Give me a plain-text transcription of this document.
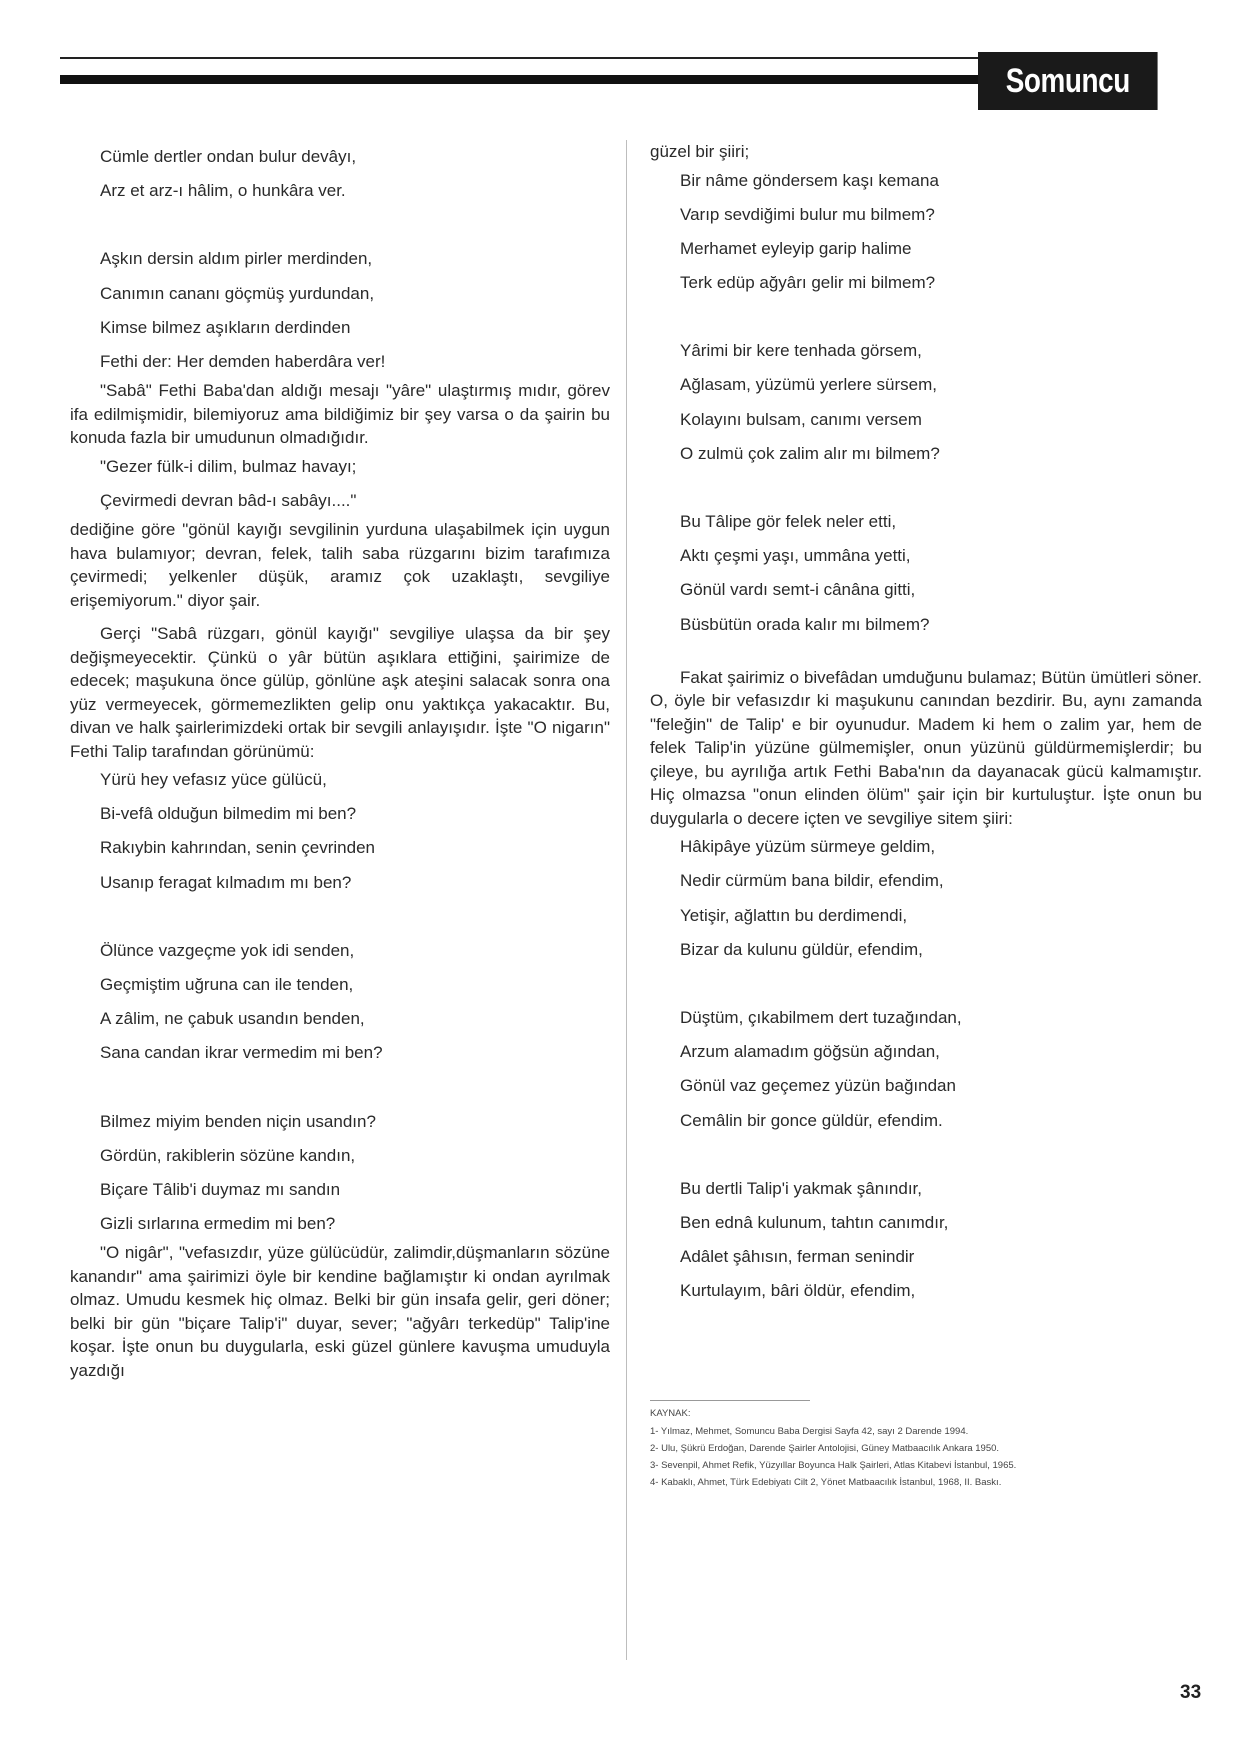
Somuncu Baba
Cümle dertler ondan bulur devâyı,
Arz et arz-ı hâlim, o hunkâra ver.
Aşkın dersin aldım pirler merdinden,
Canımın cananı göçmüş yurdundan,
Kimse bilmez aşıkların derdinden
Fethi der: Her demden haberdâra ver!

"Sabâ" Fethi Baba'dan aldığı mesajı "yâre" ulaştırmış mıdır, görev ifa edilmişmidir, bilemiyoruz ama bildiğimiz bir şey varsa o da şairin bu konuda fazla bir umudunun olmadığıdır.

"Gezer fülk-i dilim, bulmaz havayı;
Çevirmedi devran bâd-ı sabâyı...."

dediğine göre "gönül kayığı sevgilinin yurduna ulaşabilmek için uygun hava bulamıyor; devran, felek, talih saba rüzgarını bizim tarafımıza çevirmedi; yelkenler düşük, aramız çok uzaklaştı, sevgiliye erişemiyorum." diyor şair.

Gerçi "Sabâ rüzgarı, gönül kayığı" sevgiliye ulaşsa da bir şey değişmeyecektir. Çünkü o yâr bütün aşıklara ettiğini, şairimize de edecek; maşukuna önce gülüp, gönlüne aşk ateşini salacak sonra ona yüz vermeyecek, görmemezlikten gelip onu yaktıkça yakacaktır. Bu, divan ve halk şairlerimizdeki ortak bir sevgili anlayışıdır. İşte "O nigarın" Fethi Talip tarafından görünümü:

Yürü hey vefasız yüce gülücü,
Bi-vefâ olduğun bilmedim mi ben?
Rakıybin kahrından, senin çevrinden
Usanıp feragat kılmadım mı ben?
Ölünce vazgeçme yok idi senden,
Geçmiştim uğruna can ile tenden,
A zâlim, ne çabuk usandın benden,
Sana candan ikrar vermedim mi ben?
Bilmez miyim benden niçin usandın?
Gördün, rakiblerin sözüne kandın,
Biçare Tâlib'i duymaz mı sandın
Gizli sırlarına ermedim mi ben?

"O nigâr", "vefasızdır, yüze gülücüdür, zalimdir,düşmanların sözüne kanandır" ama şairimizi öyle bir kendine bağlamıştır ki ondan ayrılmak olmaz. Umudu kesmek hiç olmaz. Belki bir gün insafa gelir, geri döner; belki bir gün "biçare Talip'i" duyar, sever; "ağyârı terkedüp" Talip'ine koşar. İşte onun bu duygularla, eski güzel günlere kavuşma umuduyla yazdığı

güzel bir şiiri;

Bir nâme göndersem kaşı kemana
Varıp sevdiğimi bulur mu bilmem?
Merhamet eyleyip garip halime
Terk edüp ağyârı gelir mi bilmem?
Yârimi bir kere tenhada görsem,
Ağlasam, yüzümü yerlere sürsem,
Kolayını bulsam, canımı versem
O zulmü çok zalim alır mı bilmem?
Bu Tâlipe gör felek neler etti,
Aktı çeşmi yaşı, ummâna yetti,
Gönül vardı semt-i cânâna gitti,
Büsbütün orada kalır mı bilmem?

Fakat şairimiz o bivefâdan umduğunu bulamaz; Bütün ümütleri söner. O, öyle bir vefasızdır ki maşukunu canından bezdirir. Bu, aynı zamanda "feleğin" de Talip' e bir oyunudur. Madem ki hem o zalim yar, hem de felek Talip'in yüzüne gülmemişler, onun yüzünü güldürmemişlerdir; bu çileye, bu ayrılığa artık Fethi Baba'nın da dayanacak gücü kalmamıştır. Hiç olmazsa "onun elinden ölüm" şair için bir kurtuluştur. İşte onun bu duygularla o decere içten ve sevgiliye sitem şiiri:

Hâkipâye yüzüm sürmeye geldim,
Nedir cürmüm bana bildir, efendim,
Yetişir, ağlattın bu derdimendi,
Bizar da kulunu güldür, efendim,
Düştüm, çıkabilmem dert tuzağından,
Arzum alamadım göğsün ağından,
Gönül vaz geçemez yüzün bağından
Cemâlin bir gonce güldür, efendim.
Bu dertli Talip'i yakmak şânındır,
Ben ednâ kulunum, tahtın canımdır,
Adâlet şâhısın, ferman senindir
Kurtulayım, bâri öldür, efendim,
KAYNAK:
1- Yılmaz, Mehmet, Somuncu Baba Dergisi Sayfa 42, sayı 2 Darende 1994.
2- Ulu, Şükrü Erdoğan, Darende Şairler Antolojisi, Güney Matbaacılık Ankara 1950.
3- Sevenpil, Ahmet Refik, Yüzyıllar Boyunca Halk Şairleri, Atlas Kitabevi İstanbul, 1965.
4- Kabaklı, Ahmet, Türk Edebiyatı Cilt 2, Yönet Matbaacılık İstanbul, 1968, II. Baskı.
33
